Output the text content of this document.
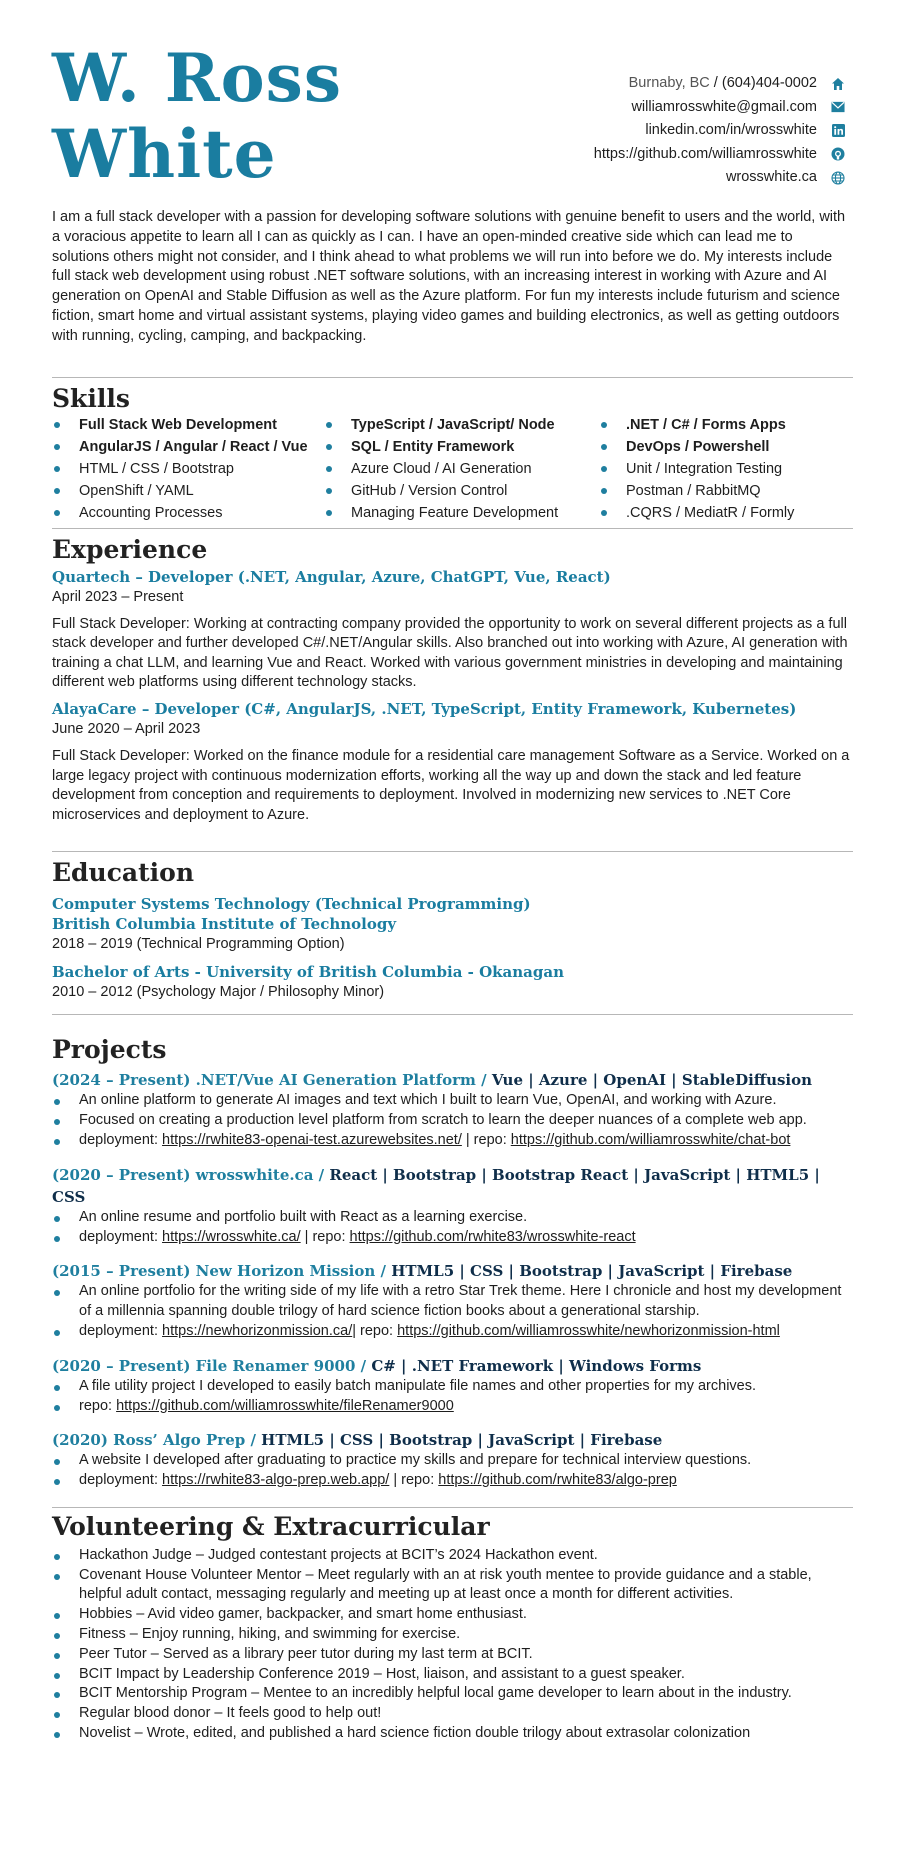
W. Ross
White
Burnaby, BC / (604)404-0002
williamrosswhite@gmail.com
linkedin.com/in/wrosswhite
https://github.com/williamrosswhite
wrosswhite.ca

I am a full stack developer with a passion for developing software solutions with genuine benefit to users and the world, with a voracious appetite to learn all I can as quickly as I can. I have an open-minded creative side which can lead me to solutions others might not consider, and I think ahead to what problems we will run into before we do. My interests include full stack web development using robust .NET software solutions, with an increasing interest in working with Azure and AI generation on OpenAI and Stable Diffusion as well as the Azure platform. For fun my interests include futurism and science fiction, smart home and virtual assistant systems, playing video games and building electronics, as well as getting outdoors with running, cycling, camping, and backpacking.

Skills
Full Stack Web Development
AngularJS / Angular / React / Vue
HTML / CSS / Bootstrap
OpenShift / YAML
Accounting Processes
TypeScript / JavaScript/ Node
SQL / Entity Framework
Azure Cloud / AI Generation
GitHub / Version Control
Managing Feature Development
.NET / C# / Forms Apps
DevOps / Powershell
Unit / Integration Testing
Postman / RabbitMQ
.CQRS / MediatR / Formly
Experience
Quartech – Developer (.NET, Angular, Azure, ChatGPT, Vue, React)
April 2023 – Present

Full Stack Developer: Working at contracting company provided the opportunity to work on several different projects as a full stack developer and further developed C#/.NET/Angular skills. Also branched out into working with Azure, AI generation with training a chat LLM, and learning Vue and React. Worked with various government ministries in developing and maintaining different web platforms using different technology stacks.

AlayaCare – Developer (C#, AngularJS, .NET, TypeScript, Entity Framework, Kubernetes)
June 2020 – April 2023

Full Stack Developer: Worked on the finance module for a residential care management Software as a Service. Worked on a large legacy project with continuous modernization efforts, working all the way up and down the stack and led feature development from conception and requirements to deployment. Involved in modernizing new services to .NET Core microservices and deployment to Azure.

Education
Computer Systems Technology (Technical Programming)
British Columbia Institute of Technology
2018 – 2019 (Technical Programming Option)
Bachelor of Arts - University of British Columbia - Okanagan
2010 – 2012 (Psychology Major / Philosophy Minor)
Projects
(2024 – Present) .NET/Vue AI Generation Platform / Vue | Azure | OpenAI | StableDiffusion
An online platform to generate AI images and text which I built to learn Vue, OpenAI, and working with Azure.
Focused on creating a production level platform from scratch to learn the deeper nuances of a complete web app.
deployment: https://rwhite83-openai-test.azurewebsites.net/ | repo: https://github.com/williamrosswhite/chat-bot
(2020 – Present) wrosswhite.ca / React | Bootstrap | Bootstrap React | JavaScript | HTML5 | CSS
An online resume and portfolio built with React as a learning exercise.
deployment: https://wrosswhite.ca/ | repo: https://github.com/rwhite83/wrosswhite-react
(2015 – Present) New Horizon Mission / HTML5 | CSS | Bootstrap | JavaScript | Firebase
An online portfolio for the writing side of my life with a retro Star Trek theme. Here I chronicle and host my development of a millennia spanning double trilogy of hard science fiction books about a generational starship.
deployment: https://newhorizonmission.ca/| repo: https://github.com/williamrosswhite/newhorizonmission-html
(2020 – Present) File Renamer 9000 / C# | .NET Framework | Windows Forms
A file utility project I developed to easily batch manipulate file names and other properties for my archives.
repo: https://github.com/williamrosswhite/fileRenamer9000
(2020) Ross’ Algo Prep / HTML5 | CSS | Bootstrap | JavaScript | Firebase
A website I developed after graduating to practice my skills and prepare for technical interview questions.
deployment: https://rwhite83-algo-prep.web.app/ | repo: https://github.com/rwhite83/algo-prep
Volunteering & Extracurricular
Hackathon Judge – Judged contestant projects at BCIT’s 2024 Hackathon event.
Covenant House Volunteer Mentor – Meet regularly with an at risk youth mentee to provide guidance and a stable, helpful adult contact, messaging regularly and meeting up at least once a month for different activities.
Hobbies – Avid video gamer, backpacker, and smart home enthusiast.
Fitness – Enjoy running, hiking, and swimming for exercise.
Peer Tutor – Served as a library peer tutor during my last term at BCIT.
BCIT Impact by Leadership Conference 2019 – Host, liaison, and assistant to a guest speaker.
BCIT Mentorship Program – Mentee to an incredibly helpful local game developer to learn about in the industry.
Regular blood donor – It feels good to help out!
Novelist – Wrote, edited, and published a hard science fiction double trilogy about extrasolar colonization
